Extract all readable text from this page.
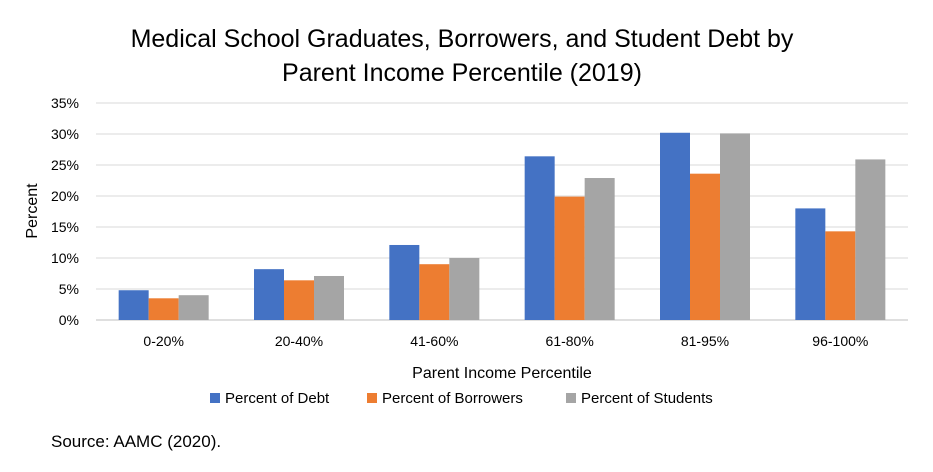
Medical School Graduates, Borrowers, and Student Debt by
Parent Income Percentile (2019)
0%
5%
10%
15%
20%
25%
30%
35%
0-20%	20-40%	41-60%	61-80%	81-95%	96-100%
Percent
Parent Income Percentile
Percent of Debt	Percent of Borrowers	Percent of Students
Source: AAMC (2020).
